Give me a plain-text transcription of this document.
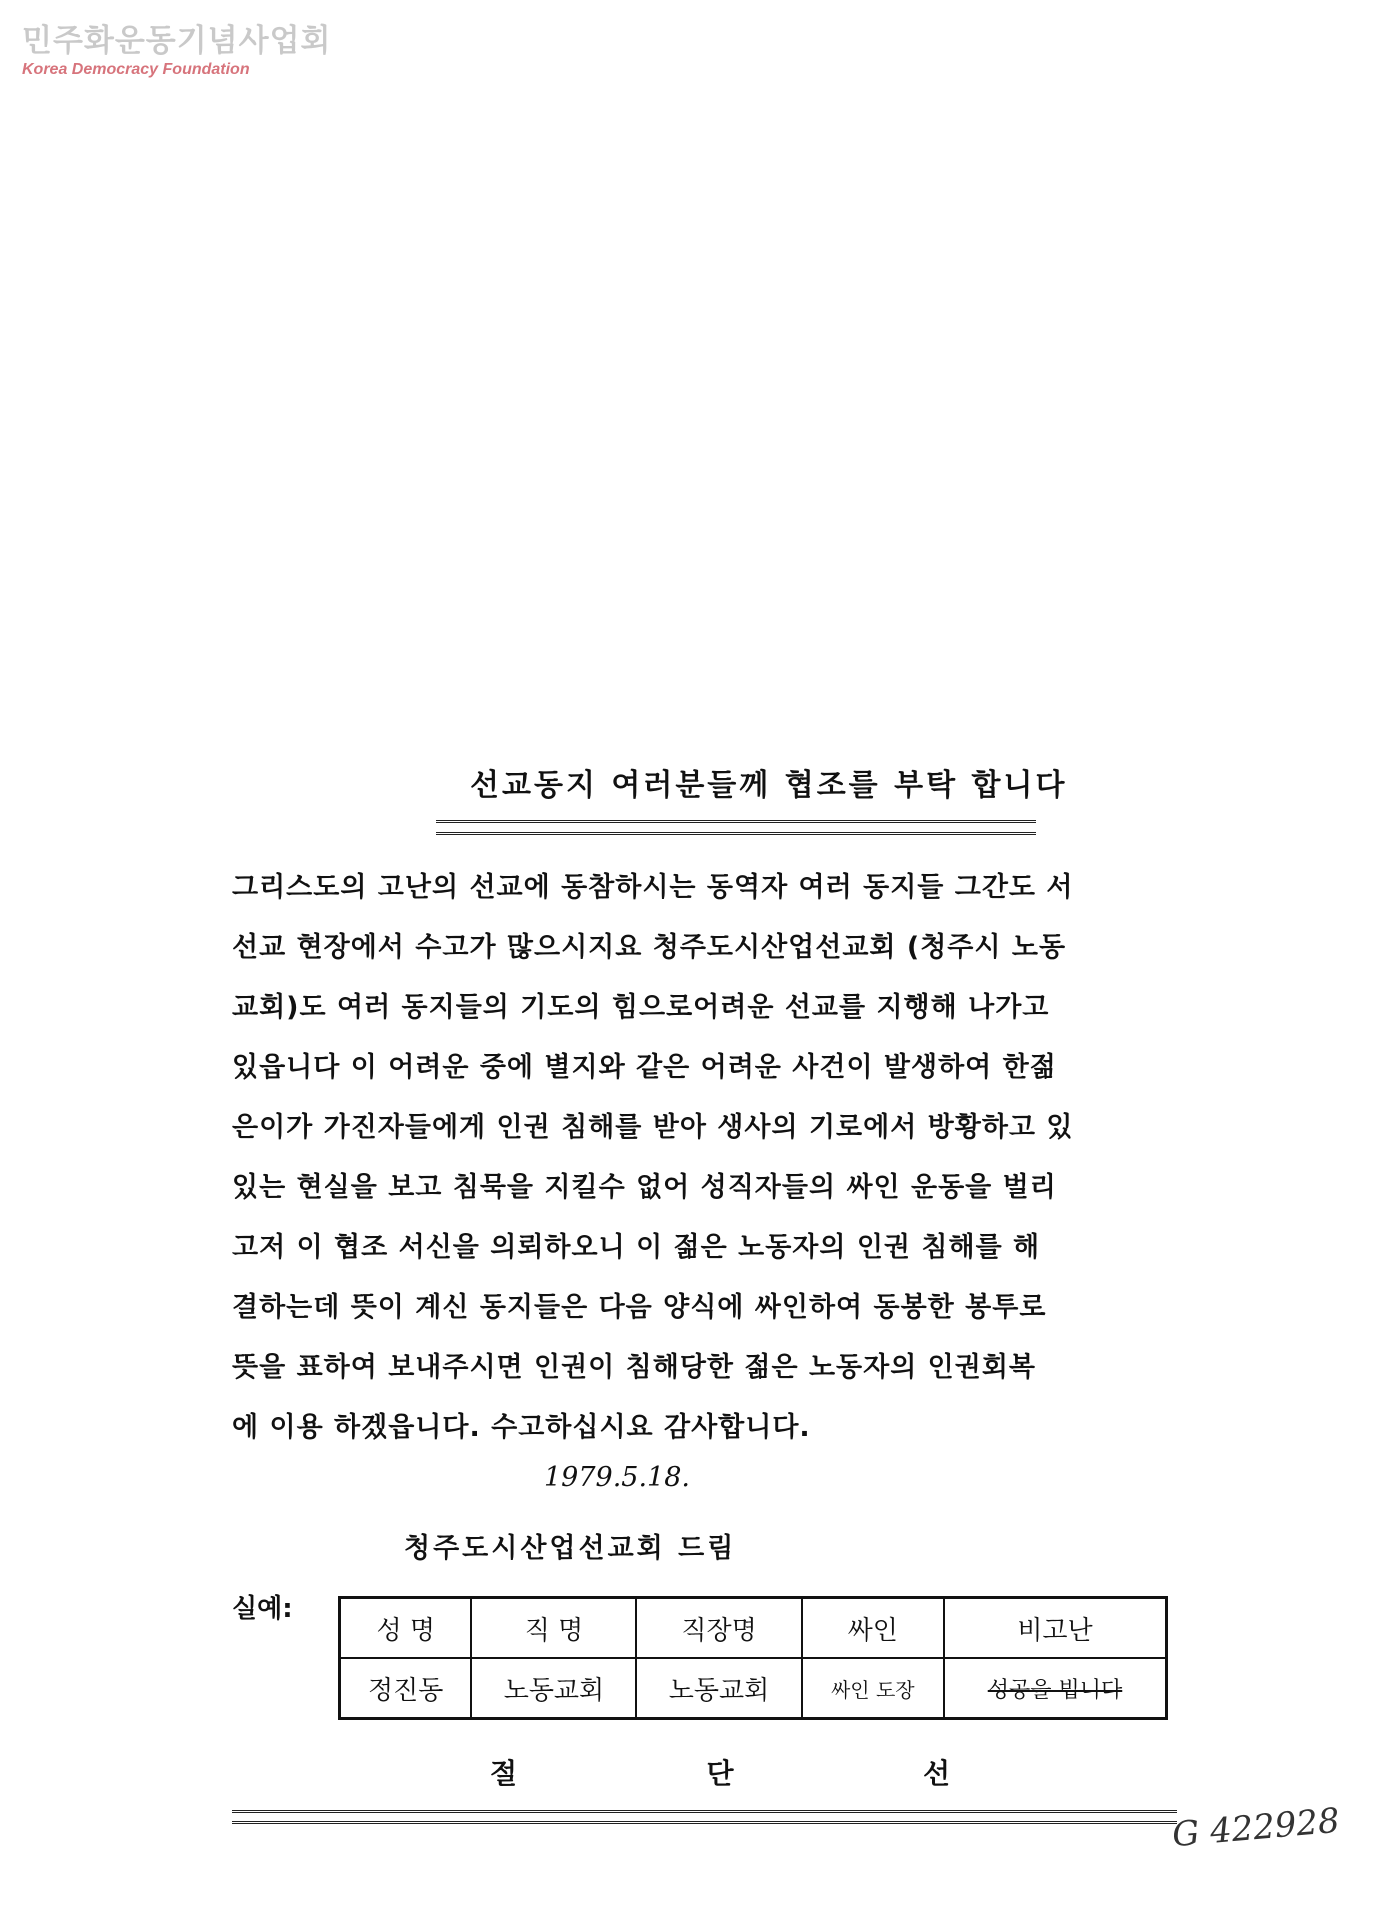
민주화운동기념사업회
Korea Democracy Foundation
선교동지 여러분들께 협조를 부탁 합니다
그리스도의 고난의 선교에 동참하시는 동역자 여러 동지들 그간도 서
선교 현장에서 수고가 많으시지요 청주도시산업선교회 (청주시 노동
교회)도 여러 동지들의 기도의 힘으로어려운 선교를 지행해 나가고
있읍니다 이 어려운 중에 별지와 같은 어려운 사건이 발생하여 한젊
은이가 가진자들에게 인권 침해를 받아 생사의 기로에서 방황하고 있
있는 현실을 보고 침묵을 지킬수 없어 성직자들의 싸인 운동을 벌리
고저 이 협조 서신을 의뢰하오니 이 젊은 노동자의 인권 침해를 해
결하는데 뜻이 계신 동지들은 다음 양식에 싸인하여 동봉한 봉투로
뜻을 표하여 보내주시면 인권이 침해당한 젊은 노동자의 인권회복
에 이용 하겠읍니다. 수고하십시요 감사합니다.
1979.5.18.
청주도시산업선교회 드림
실예:
성 명	직 명	직장명	싸인	비고난
정진동	노동교회	노동교회	싸인 도장	성공을 빕니다
절	단	선
G 422928
